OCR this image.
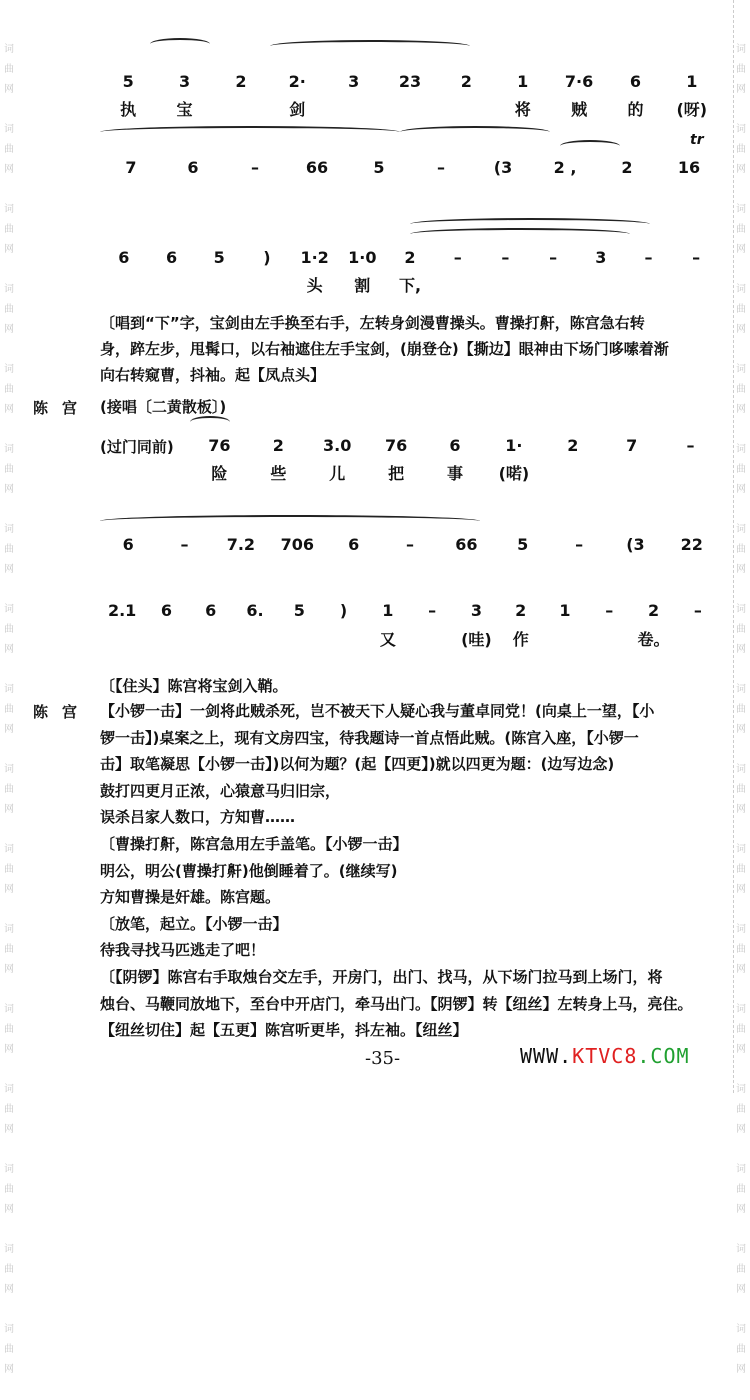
词
曲
网

词
曲
网

词
曲
网

词
曲
网

词
曲
网

词
曲
网

词
曲
网

词
曲
网

词
曲
网

词
曲
网

词
曲
网

词
曲
网

词
曲
网

词
曲
网

词
曲
网

词
曲
网

词
曲
网

词
曲
网

词
曲
网

词
曲
网

词
曲
网

词
曲
网

词
曲
网

词
曲
网

词
曲
网

词
曲
网

词
曲
网

词
曲
网

词
曲
网

词
曲
网

词
曲
网

词
曲
网

词
曲
网

词
曲
网

5	3	2	2·	3	23	2	1	7·6	6	1
执	宝	剑	将	贼	的	(呀)
7	6	–	66	5	–	(3	2 ,	2	16
tr
6	6	5	)	1·2	1·0	2	–	–	–	3	–	–
头	割	下,
(过门同前)	76	2	3.0	76	6	1·	2	7	–
险	些	儿	把	事	(喏)
6	–	7.2	706	6	–	66	5	–	(3	22
2.1	6	6	6.	5	)	1	–	3	2	1	–	2	–
又	(哇)	作	卷。
〔唱到“下”字，宝剑由左手换至右手，左转身剑漫曹操头。曹操打鼾，陈宫急右转
身，踤左步，甩髯口，以右袖遮住左手宝剑，(崩登仓)【撕边】眼神由下场门哆嗦着渐
向右转窥曹，抖袖。起【凤点头】
陈宫 (接唱〔二黄散板〕)
〔【住头】陈宫将宝剑入鞘。
陈宫 【小锣一击】一剑将此贼杀死，岂不被天下人疑心我与董卓同党！(向桌上一望，【小
锣一击】)桌案之上，现有文房四宝，待我题诗一首点悟此贼。(陈宫入座，【小锣一
击】取笔凝思【小锣一击】)以何为题？(起【四更】)就以四更为题：(边写边念)
鼓打四更月正浓，心猿意马归旧宗，
误杀吕家人数口，方知曹……
〔曹操打鼾，陈宫急用左手盖笔。【小锣一击】
明公，明公(曹操打鼾)他倒睡着了。(继续写)
方知曹操是奸雄。陈宫题。
〔放笔，起立。【小锣一击】
待我寻找马匹逃走了吧！
〔【阴锣】陈宫右手取烛台交左手，开房门，出门、找马，从下场门拉马到上场门，将
烛台、马鞭同放地下，至台中开店门，牵马出门。【阴锣】转【纽丝】左转身上马，亮住。
【纽丝切住】起【五更】陈宫听更毕，抖左袖。【纽丝】
-35-	WWW.KTVC8.COM
